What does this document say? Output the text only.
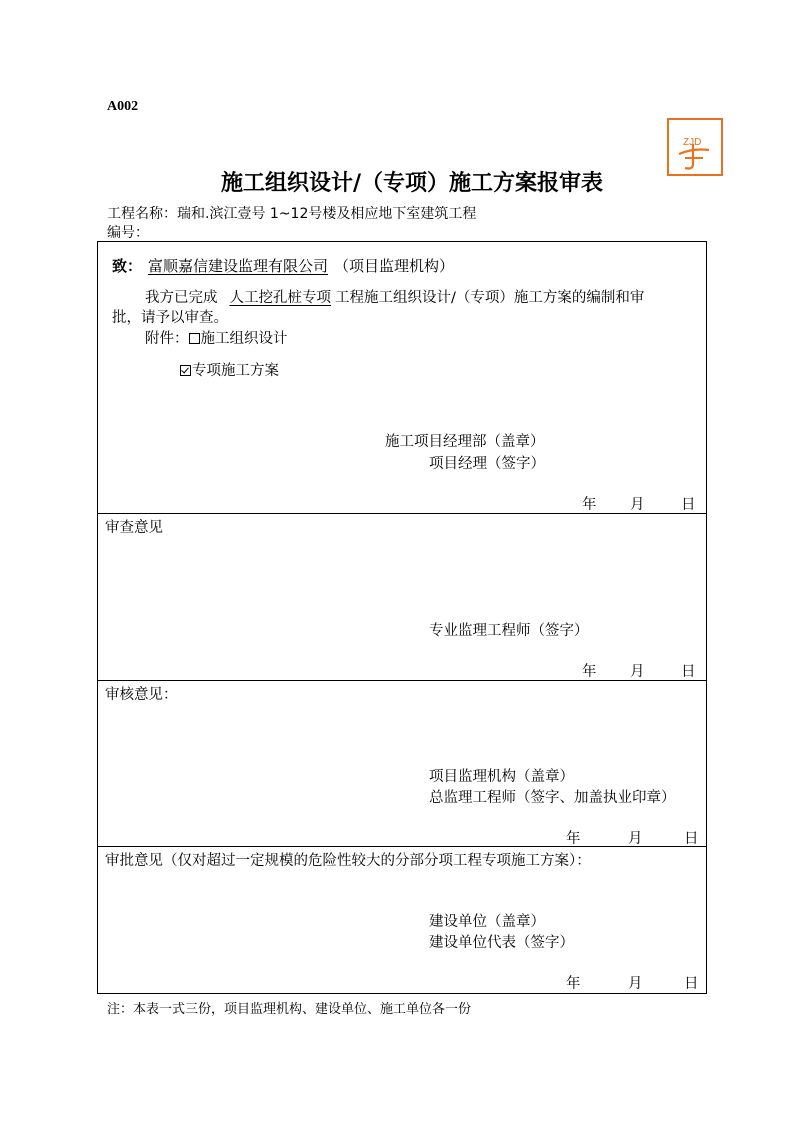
A002
ZJD
施工组织设计/（专项）施工方案报审表
工程名称：瑞和.滨江壹号 1~12号楼及相应地下室建筑工程
编号：
致： 富顺嘉信建设监理有限公司 （项目监理机构）
我方已完成 人工挖孔桩专项 工程施工组织设计/（专项）施工方案的编制和审
批，请予以审查。
附件： 施工组织设计
专项施工方案
施工项目经理部（盖章）
项目经理（签字）
年 月	日
审查意见
专业监理工程师（签字）
年 月	日
审核意见：
项目监理机构（盖章）
总监理工程师（签字、加盖执业印章）
年	月	日
审批意见（仅对超过一定规模的危险性较大的分部分项工程专项施工方案）：
建设单位（盖章）
建设单位代表（签字）
年	月	日
注：本表一式三份，项目监理机构、建设单位、施工单位各一份
